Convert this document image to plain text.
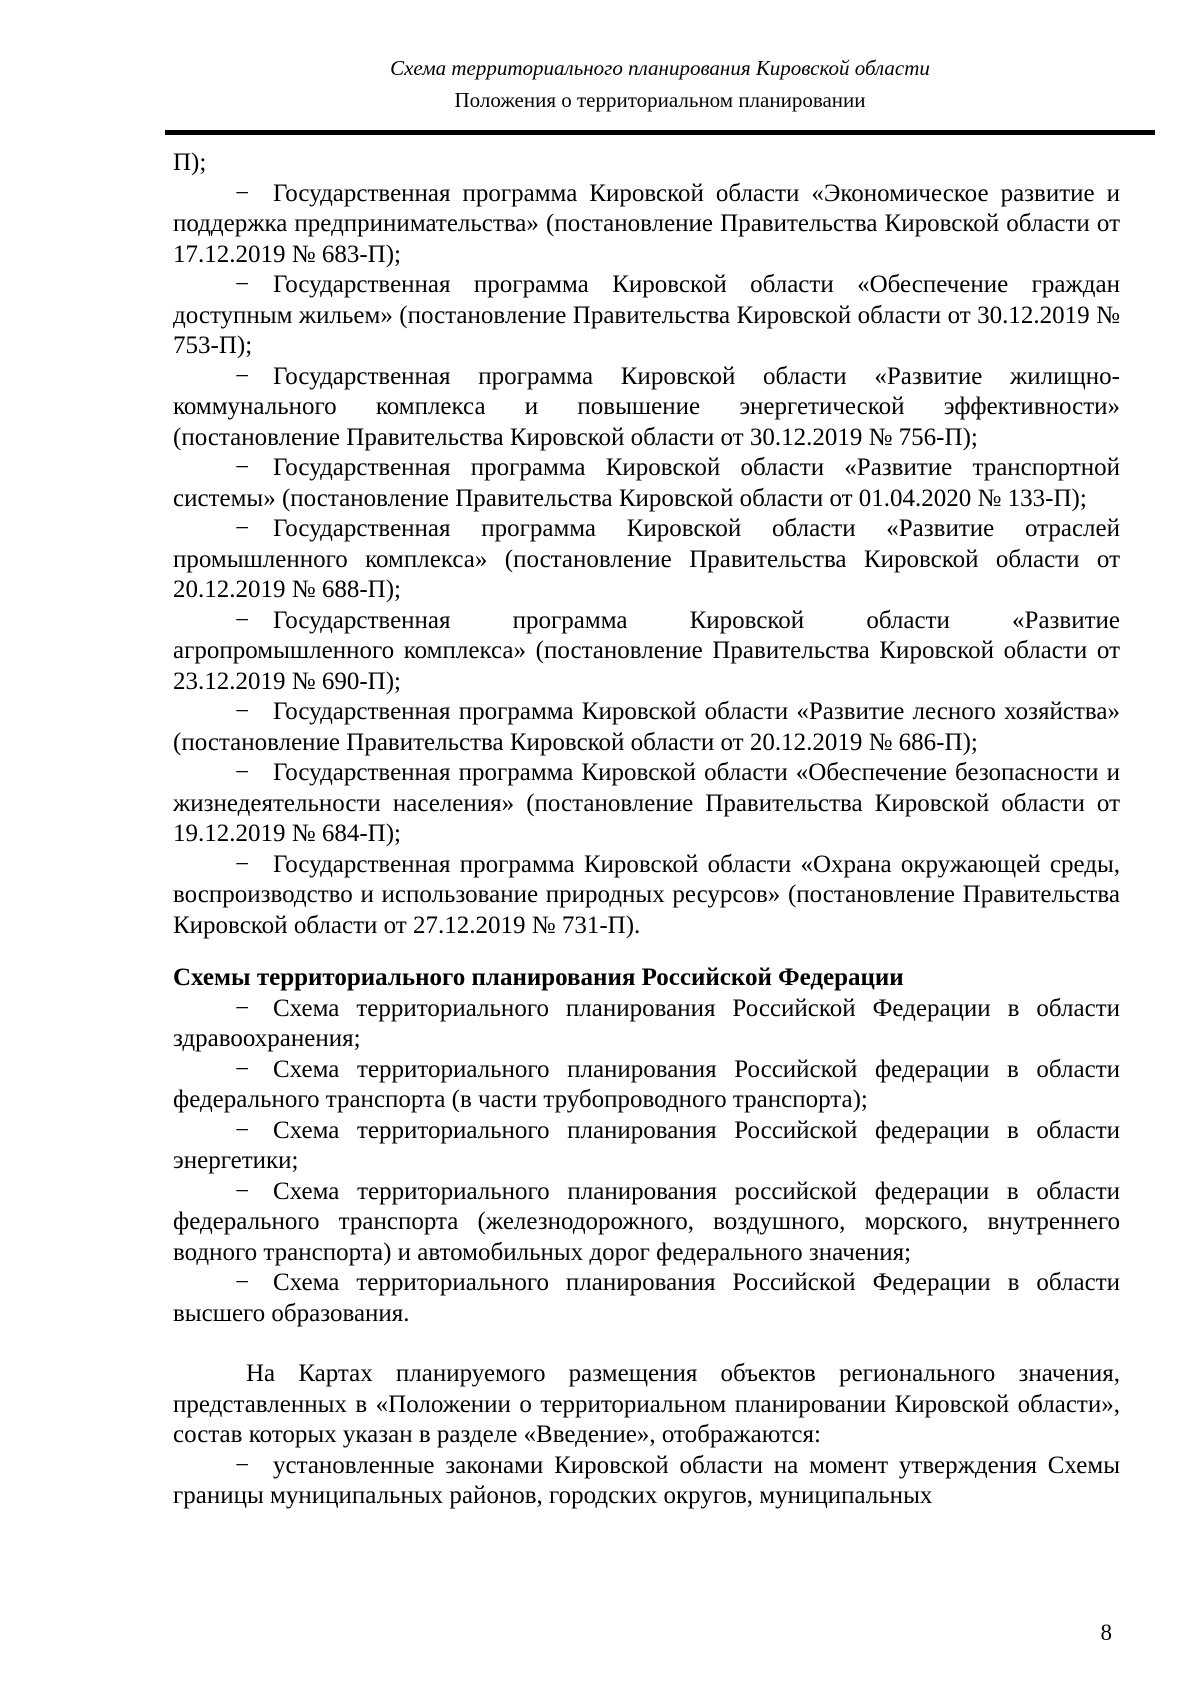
Схема территориального планирования Кировской области
Положения о территориальном планировании

П);

− Государственная программа Кировской области «Экономическое развитие и поддержка предпринимательства» (постановление Правительства Кировской области от 17.12.2019 № 683-П);

− Государственная программа Кировской области «Обеспечение граждан доступным жильем» (постановление Правительства Кировской области от 30.12.2019 № 753-П);

− Государственная программа Кировской области «Развитие жилищно-коммунального комплекса и повышение энергетической эффективности» (постановление Правительства Кировской области от 30.12.2019 № 756-П);

− Государственная программа Кировской области «Развитие транспортной системы» (постановление Правительства Кировской области от 01.04.2020 № 133-П);

− Государственная программа Кировской области «Развитие отраслей промышленного комплекса» (постановление Правительства Кировской области от 20.12.2019 № 688-П);

− Государственная программа Кировской области «Развитие агропромышленного комплекса» (постановление Правительства Кировской области от 23.12.2019 № 690-П);

− Государственная программа Кировской области «Развитие лесного хозяйства» (постановление Правительства Кировской области от 20.12.2019 № 686-П);

− Государственная программа Кировской области «Обеспечение безопасности и жизнедеятельности населения» (постановление Правительства Кировской области от 19.12.2019 № 684-П);

− Государственная программа Кировской области «Охрана окружающей среды, воспроизводство и использование природных ресурсов» (постановление Правительства Кировской области от 27.12.2019 № 731-П).

Схемы территориального планирования Российской Федерации

− Схема территориального планирования Российской Федерации в области здравоохранения;

− Схема территориального планирования Российской федерации в области федерального транспорта (в части трубопроводного транспорта);

− Схема территориального планирования Российской федерации в области энергетики;

− Схема территориального планирования российской федерации в области федерального транспорта (железнодорожного, воздушного, морского, внутреннего водного транспорта) и автомобильных дорог федерального значения;

− Схема территориального планирования Российской Федерации в области высшего образования.

На Картах планируемого размещения объектов регионального значения, представленных в «Положении о территориальном планировании Кировской области», состав которых указан в разделе «Введение», отображаются:

− установленные законами Кировской области на момент утверждения Схемы границы муниципальных районов, городских округов, муниципальных

8
